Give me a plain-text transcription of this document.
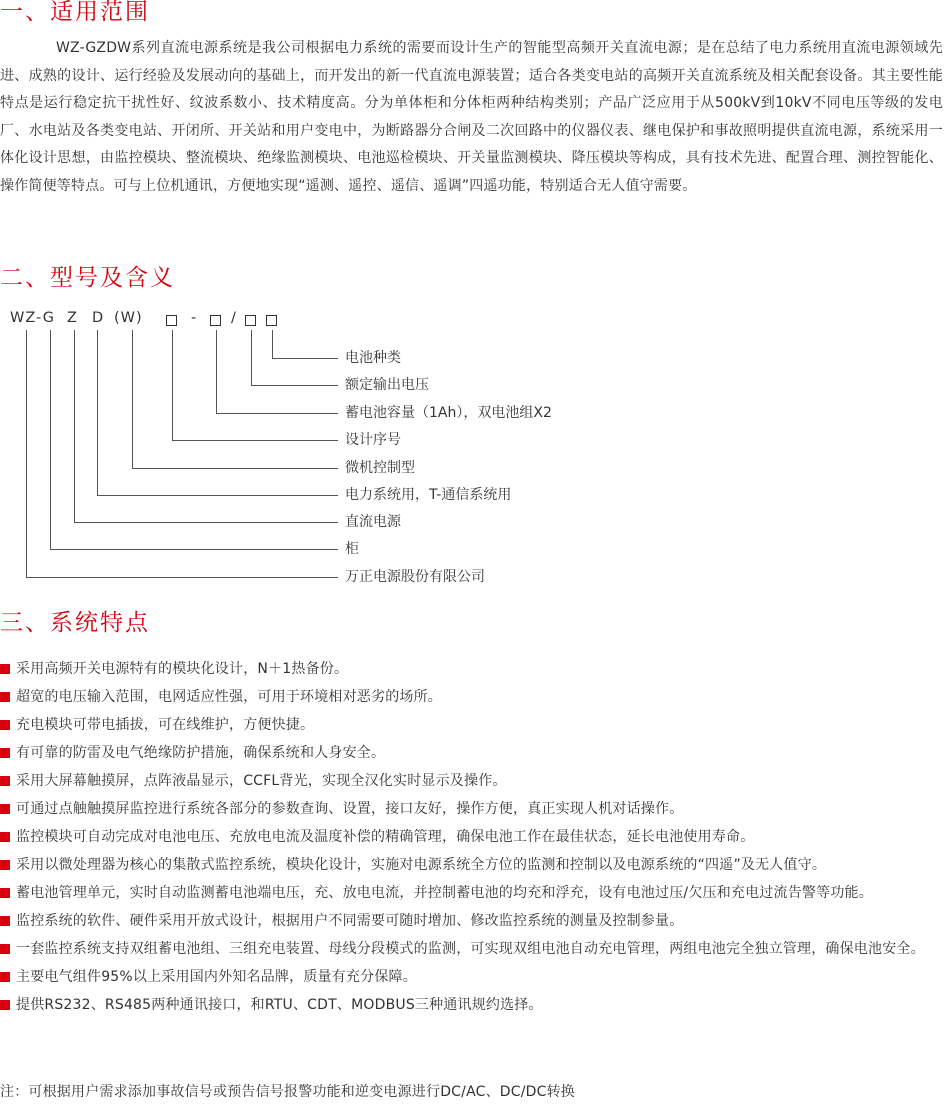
一、适用范围

WZ-GZDW系列直流电源系统是我公司根据电力系统的需要而设计生产的智能型高频开关直流电源；是在总结了电力系统用直流电源领域先进、成熟的设计、运行经验及发展动向的基础上，而开发出的新一代直流电源装置；适合各类变电站的高频开关直流系统及相关配套设备。其主要性能特点是运行稳定抗干扰性好、纹波系数小、技术精度高。分为单体柜和分体柜两种结构类别；产品广泛应用于从500kV到10kV不同电压等级的发电厂、水电站及各类变电站、开闭所、开关站和用户变电中，为断路器分合闸及二次回路中的仪器仪表、继电保护和事故照明提供直流电源，系统采用一体化设计思想，由监控模块、整流模块、绝缘监测模块、电池巡检模块、开关量监测模块、降压模块等构成，具有技术先进、配置合理、测控智能化、操作简便等特点。可与上位机通讯，方便地实现“遥测、遥控、遥信、遥调”四遥功能，特别适合无人值守需要。

二、型号及含义
WZ-G Z D (W)	- /
电池种类
额定输出电压
蓄电池容量（1Ah），双电池组X2
设计序号
微机控制型
电力系统用，T-通信系统用
直流电源
柜
万正电源股份有限公司
三、系统特点
采用高频开关电源特有的模块化设计，N＋1热备份。
超宽的电压输入范围，电网适应性强，可用于环境相对恶劣的场所。
充电模块可带电插拔，可在线维护，方便快捷。
有可靠的防雷及电气绝缘防护措施，确保系统和人身安全。
采用大屏幕触摸屏，点阵液晶显示，CCFL背光，实现全汉化实时显示及操作。
可通过点触触摸屏监控进行系统各部分的参数查询、设置，接口友好，操作方便，真正实现人机对话操作。
监控模块可自动完成对电池电压、充放电电流及温度补偿的精确管理，确保电池工作在最佳状态，延长电池使用寿命。
采用以微处理器为核心的集散式监控系统，模块化设计，实施对电源系统全方位的监测和控制以及电源系统的“四遥”及无人值守。
蓄电池管理单元，实时自动监测蓄电池端电压，充、放电电流，并控制蓄电池的均充和浮充，设有电池过压/欠压和充电过流告警等功能。
监控系统的软件、硬件采用开放式设计，根据用户不同需要可随时增加、修改监控系统的测量及控制参量。
一套监控系统支持双组蓄电池组、三组充电装置、母线分段模式的监测，可实现双组电池自动充电管理，两组电池完全独立管理，确保电池安全。
主要电气组件95%以上采用国内外知名品牌，质量有充分保障。
提供RS232、RS485两种通讯接口，和RTU、CDT、MODBUS三种通讯规约选择。
注：可根据用户需求添加事故信号或预告信号报警功能和逆变电源进行DC/AC、DC/DC转换
